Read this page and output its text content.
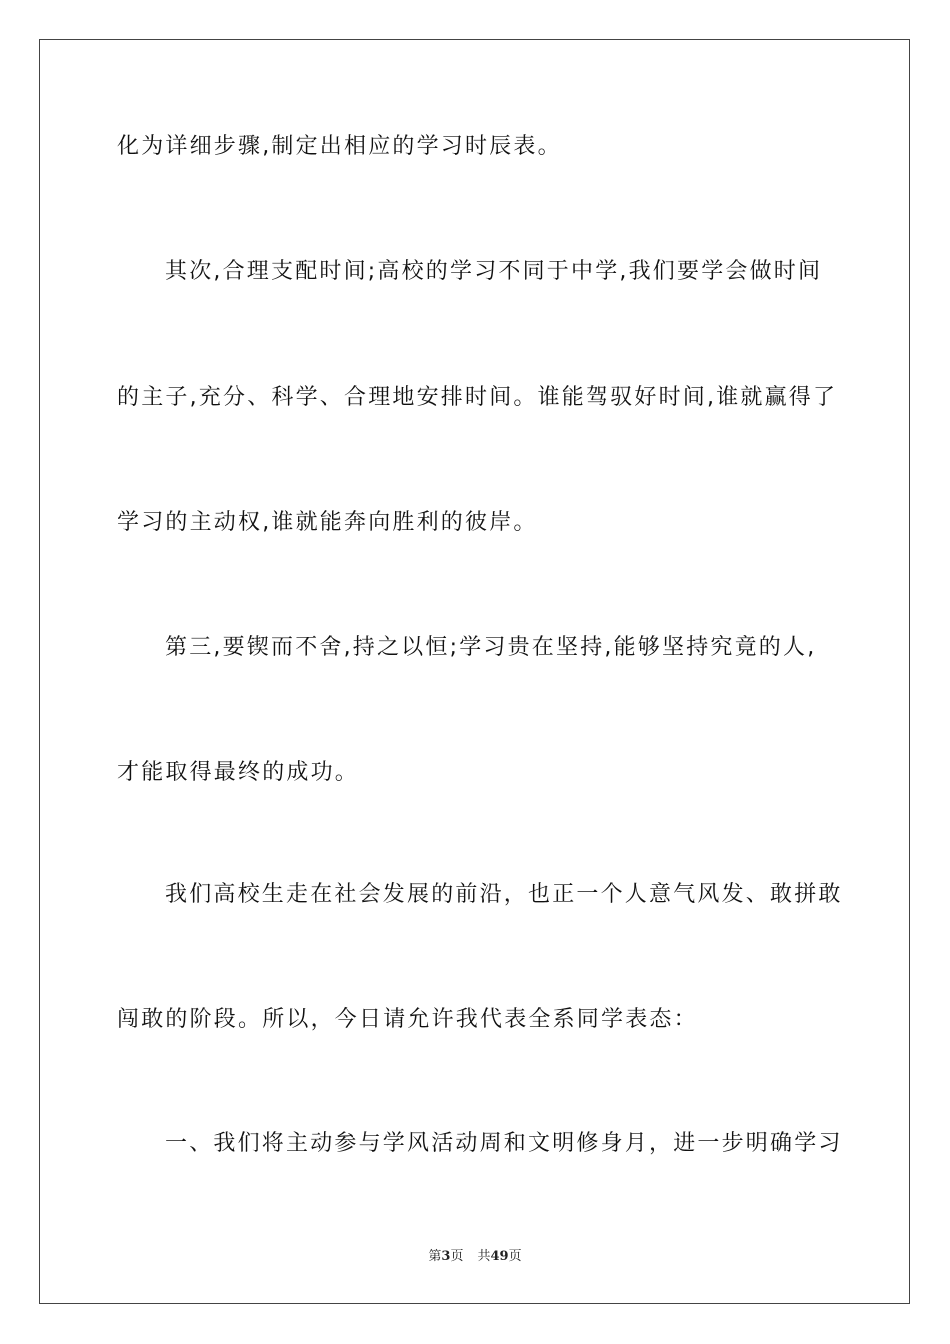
化为详细步骤,制定出相应的学习时辰表。
其次,合理支配时间;高校的学习不同于中学,我们要学会做时间
的主子,充分、科学、合理地安排时间。谁能驾驭好时间,谁就赢得了
学习的主动权,谁就能奔向胜利的彼岸。
第三,要锲而不舍,持之以恒;学习贵在坚持,能够坚持究竟的人,
才能取得最终的成功。
我们高校生走在社会发展的前沿，也正一个人意气风发、敢拼敢
闯敢的阶段。所以，今日请允许我代表全系同学表态：
一、我们将主动参与学风活动周和文明修身月，进一步明确学习
第3页 共49页
